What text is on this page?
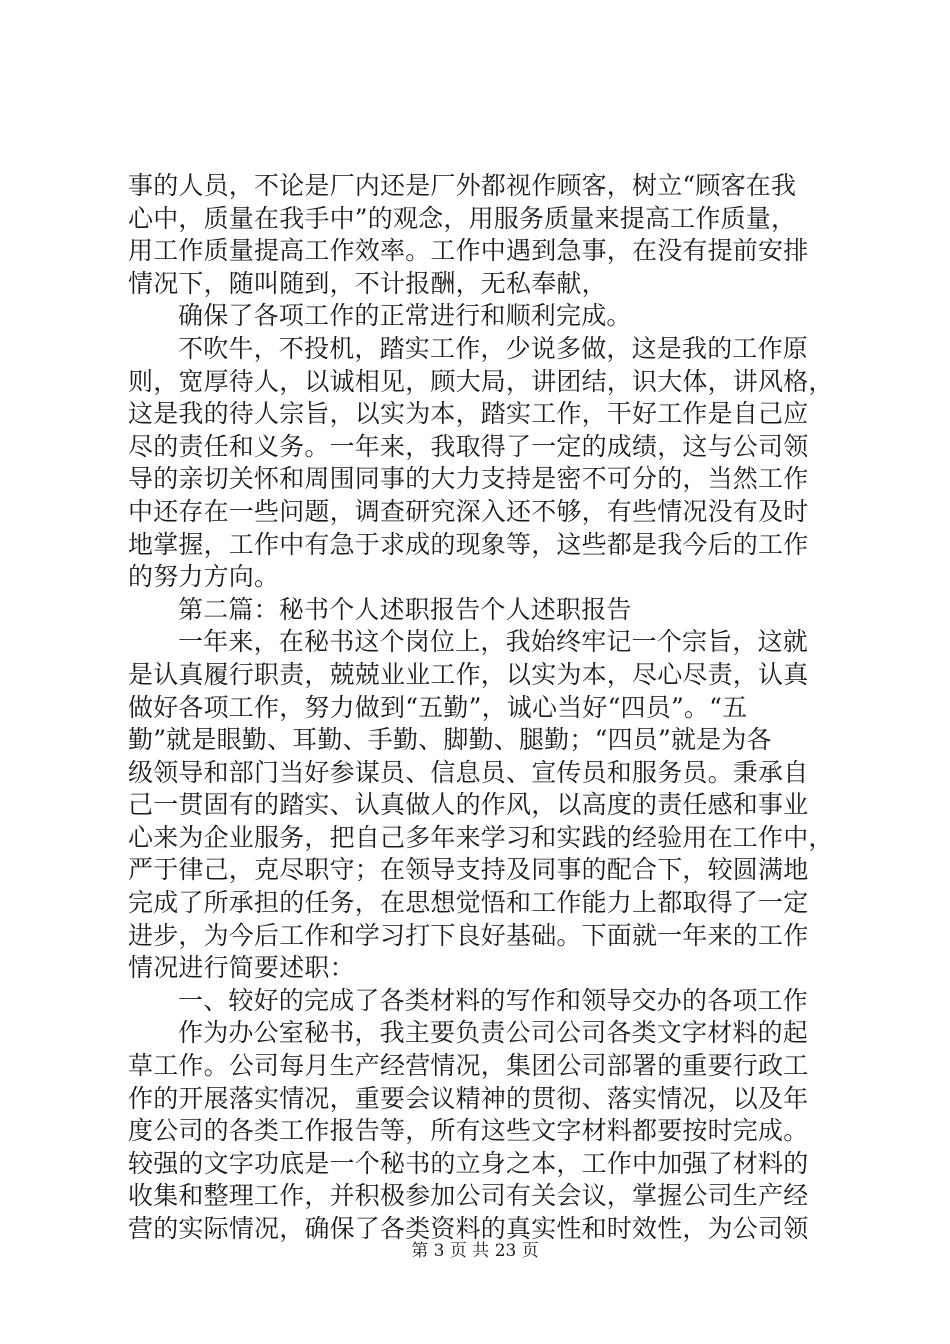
事的人员，不论是厂内还是厂外都视作顾客，树立“顾客在我
心中，质量在我手中”的观念，用服务质量来提高工作质量，
用工作质量提高工作效率。工作中遇到急事，在没有提前安排
情况下，随叫随到，不计报酬，无私奉献，
确保了各项工作的正常进行和顺利完成。
不吹牛，不投机，踏实工作，少说多做，这是我的工作原
则，宽厚待人，以诚相见，顾大局，讲团结，识大体，讲风格，
这是我的待人宗旨，以实为本，踏实工作，干好工作是自己应
尽的责任和义务。一年来，我取得了一定的成绩，这与公司领
导的亲切关怀和周围同事的大力支持是密不可分的，当然工作
中还存在一些问题，调查研究深入还不够，有些情况没有及时
地掌握，工作中有急于求成的现象等，这些都是我今后的工作
的努力方向。
第二篇：秘书个人述职报告个人述职报告
一年来，在秘书这个岗位上，我始终牢记一个宗旨，这就
是认真履行职责，兢兢业业工作，以实为本，尽心尽责，认真
做好各项工作，努力做到“五勤”，诚心当好“四员”。“五
勤”就是眼勤、耳勤、手勤、脚勤、腿勤；“四员”就是为各
级领导和部门当好参谋员、信息员、宣传员和服务员。秉承自
己一贯固有的踏实、认真做人的作风，以高度的责任感和事业
心来为企业服务，把自己多年来学习和实践的经验用在工作中，
严于律己，克尽职守；在领导支持及同事的配合下，较圆满地
完成了所承担的任务，在思想觉悟和工作能力上都取得了一定
进步，为今后工作和学习打下良好基础。下面就一年来的工作
情况进行简要述职：
一、较好的完成了各类材料的写作和领导交办的各项工作
作为办公室秘书，我主要负责公司公司各类文字材料的起
草工作。公司每月生产经营情况，集团公司部署的重要行政工
作的开展落实情况，重要会议精神的贯彻、落实情况，以及年
度公司的各类工作报告等，所有这些文字材料都要按时完成。
较强的文字功底是一个秘书的立身之本，工作中加强了材料的
收集和整理工作，并积极参加公司有关会议，掌握公司生产经
营的实际情况，确保了各类资料的真实性和时效性，为公司领
第 3 页 共 23 页
